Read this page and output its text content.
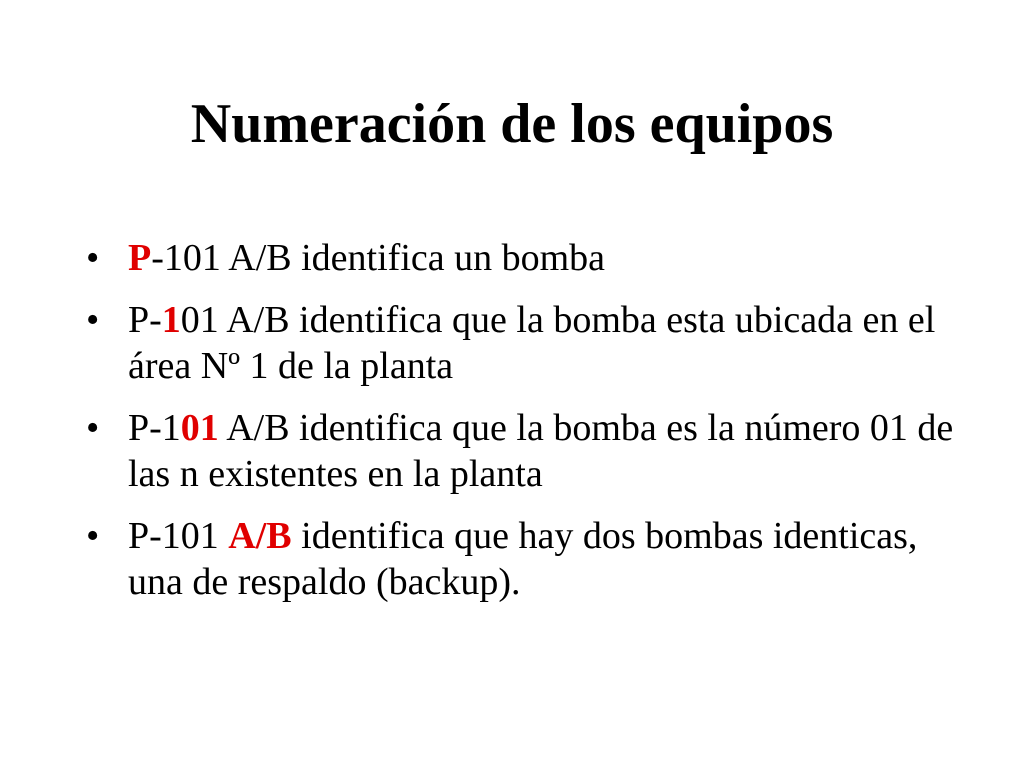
Numeración de los equipos
• P-101 A/B identifica un bomba
• P-101 A/B identifica que la bomba esta ubicada en el área Nº 1 de la planta
• P-101 A/B identifica que la bomba es la número 01 de las n existentes en la planta
• P-101 A/B identifica que hay dos bombas identicas, una de respaldo (backup).
